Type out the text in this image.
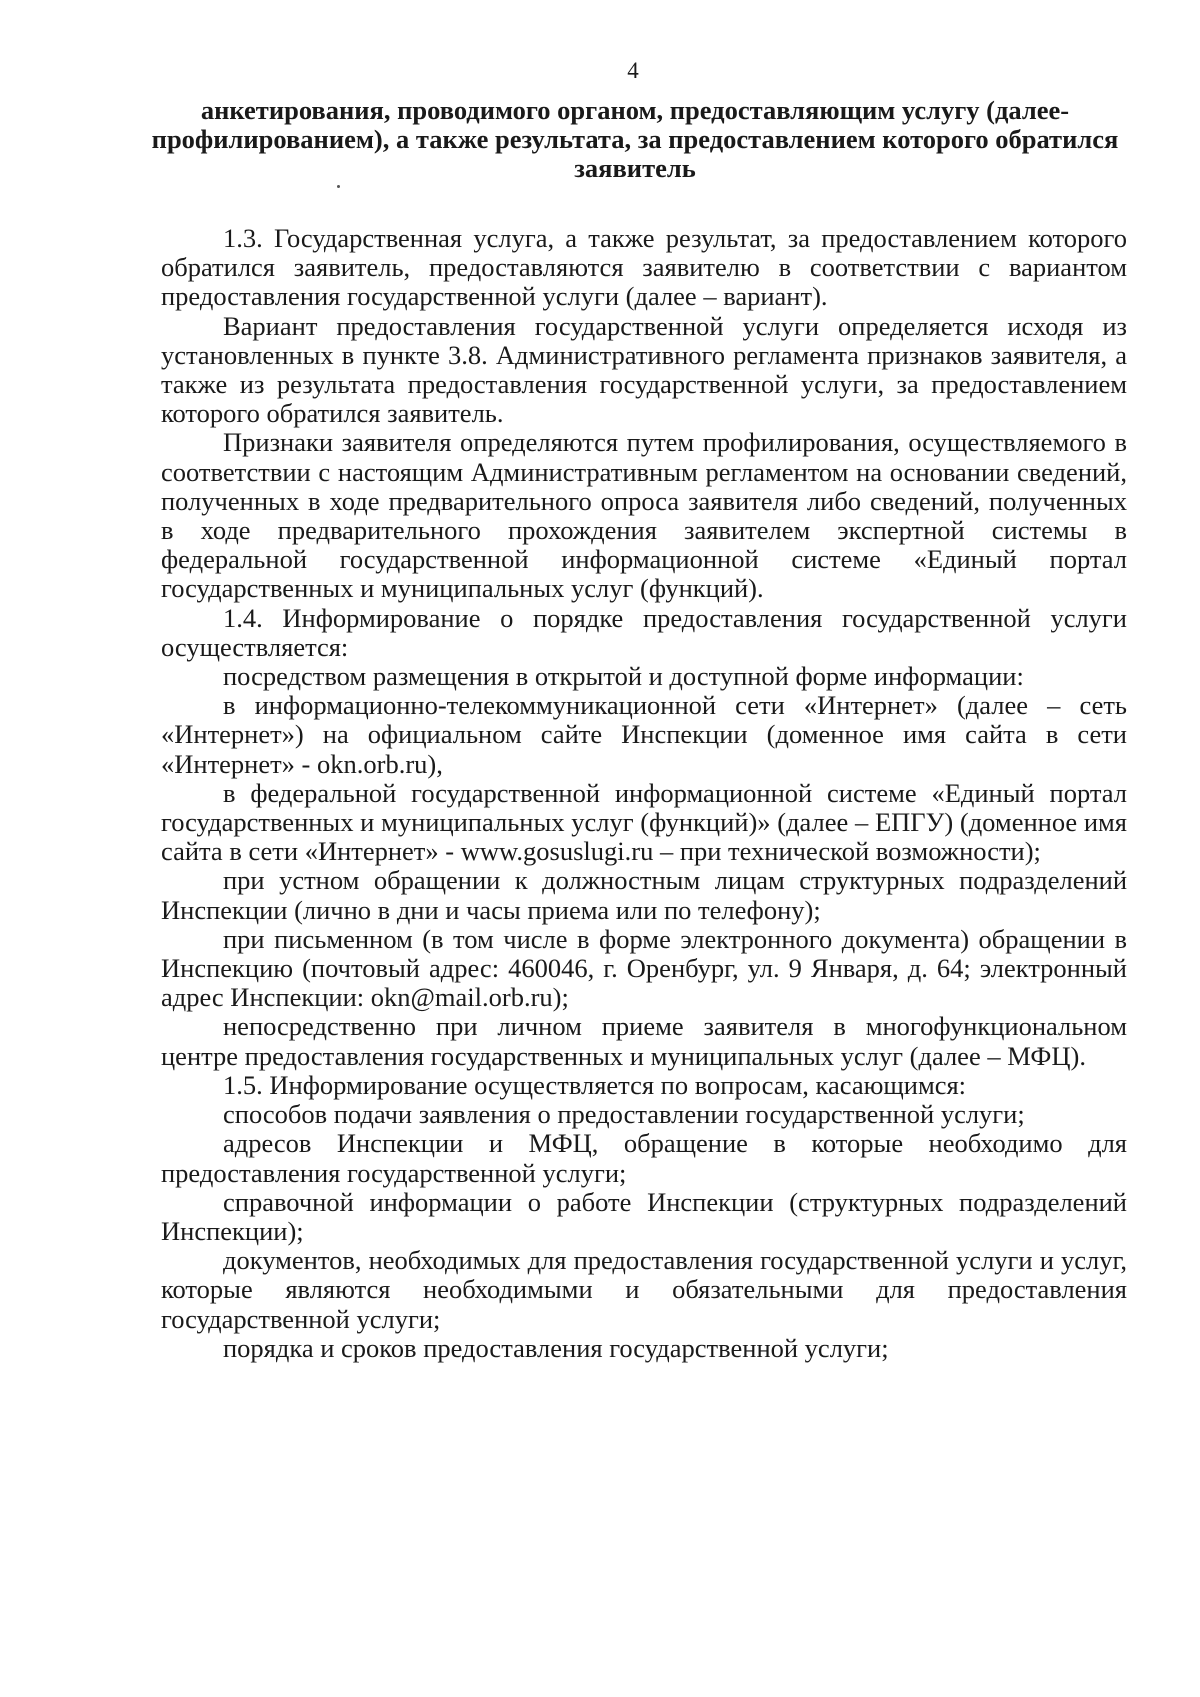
4
анкетирования, проводимого органом, предоставляющим услугу (далее-профилированием), а также результата, за предоставлением которого обратился заявитель

1.3. Государственная услуга, а также результат, за предоставлением которого обратился заявитель, предоставляются заявителю в соответствии с вариантом предоставления государственной услуги (далее – вариант).

Вариант предоставления государственной услуги определяется исходя из установленных в пункте 3.8. Административного регламента признаков заявителя, а также из результата предоставления государственной услуги, за предоставлением которого обратился заявитель.

Признаки заявителя определяются путем профилирования, осуществляемого в соответствии с настоящим Административным регламентом на основании сведений, полученных в ходе предварительного опроса заявителя либо сведений, полученных в ходе предварительного прохождения заявителем экспертной системы в федеральной государственной информационной системе «Единый портал государственных и муниципальных услуг (функций).

1.4. Информирование о порядке предоставления государственной услуги осуществляется:

посредством размещения в открытой и доступной форме информации:

в информационно-телекоммуникационной сети «Интернет» (далее – сеть «Интернет») на официальном сайте Инспекции (доменное имя сайта в сети «Интернет» - okn.orb.ru),

в федеральной государственной информационной системе «Единый портал государственных и муниципальных услуг (функций)» (далее – ЕПГУ) (доменное имя сайта в сети «Интернет» - www.gosuslugi.ru – при технической возможности);

при устном обращении к должностным лицам структурных подразделений Инспекции (лично в дни и часы приема или по телефону);

при письменном (в том числе в форме электронного документа) обращении в Инспекцию (почтовый адрес: 460046, г. Оренбург, ул. 9 Января, д. 64; электронный адрес Инспекции: okn@mail.orb.ru);

непосредственно при личном приеме заявителя в многофункциональном центре предоставления государственных и муниципальных услуг (далее – МФЦ).

1.5. Информирование осуществляется по вопросам, касающимся:

способов подачи заявления о предоставлении государственной услуги;

адресов Инспекции и МФЦ, обращение в которые необходимо для предоставления государственной услуги;

справочной информации о работе Инспекции (структурных подразделений Инспекции);

документов, необходимых для предоставления государственной услуги и услуг, которые являются необходимыми и обязательными для предоставления государственной услуги;

порядка и сроков предоставления государственной услуги;
